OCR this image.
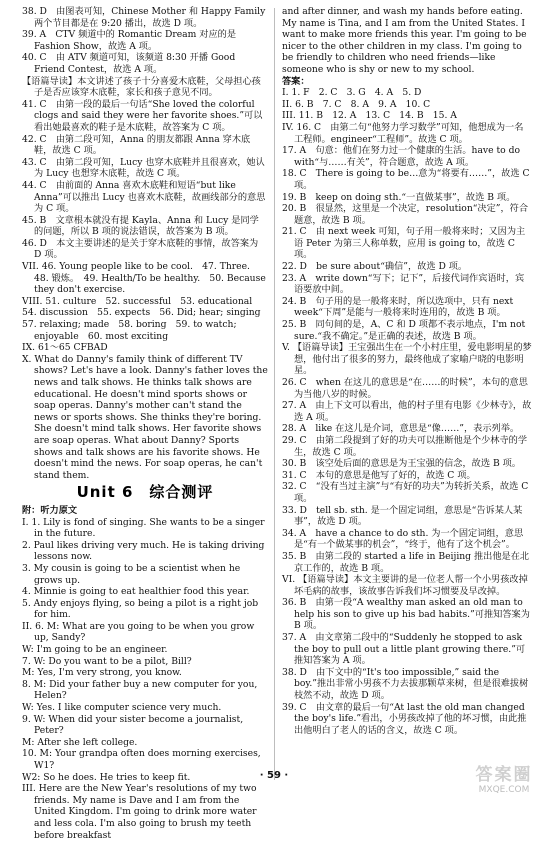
38. D　由图表可知，Chinese Mother 和 Happy Family 两个节目都是在 9:20 播出，故选 D 项。

39. A　CTV 频道中的 Romantic Dream 对应的是 Fashion Show，故选 A 项。

40. C　由 ATV 频道可知，该频道 8:30 开播 Good Friend Contest，故选 A 项。

【语篇导读】本文讲述了孩子十分喜爱木底鞋，父母担心孩子是否应该穿木底鞋，家长和孩子意见不同。

41. C　由第一段的最后一句话“She loved the colorful clogs and said they were her favorite shoes.”可以看出她最喜欢的鞋子是木底鞋，故答案为 C 项。

42. C　由第二段可知，Anna 的朋友都跟 Anna 穿木底鞋，故选 C 项。

43. C　由第二段可知，Lucy 也穿木底鞋并且很喜欢，她认为 Lucy 也想穿木底鞋，故选 C 项。

44. C　由前面的 Anna 喜欢木底鞋和短语“but like Anna”可以推出 Lucy 也喜欢木底鞋，故画线部分的意思为 C 项。

45. B　文章根本就没有提 Kayla、Anna 和 Lucy 是同学的问题，所以 B 项的说法错误，故答案为 B 项。

46. D　本文主要讲述的是关于穿木底鞋的事情，故答案为 D 项。

VII. 46. Young people like to be cool.　47. Three.　48. 锻炼。　49. Health/To be healthy.　50. Because they don't exercise.

VIII. 51. culture　52. successful　53. educational

54. discussion　55. expects　56. Did; hear; singing

57. relaxing; made　58. boring　59. to watch; enjoyable　60. most exciting

IX. 61～65 CFBAD

X. What do Danny's family think of different TV shows? Let's have a look. Danny's father loves the news and talk shows. He thinks talk shows are educational. He doesn't mind sports shows or soap operas. Danny's mother can't stand the news or sports shows. She thinks they're boring. She doesn't mind talk shows. Her favorite shows are soap operas. What about Danny? Sports shows and talk shows are his favorite shows. He doesn't mind the news. For soap operas, he can't stand them.

Unit 6　综合测评
附：听力原文

I. 1. Lily is fond of singing. She wants to be a singer in the future.

2. Paul likes driving very much. He is taking driving lessons now.

3. My cousin is going to be a scientist when he grows up.

4. Minnie is going to eat healthier food this year.

5. Andy enjoys flying, so being a pilot is a right job for him.

II. 6. M: What are you going to be when you grow up, Sandy?

W: I'm going to be an engineer.

7. W: Do you want to be a pilot, Bill?

M: Yes, I'm very strong, you know.

8. M: Did your father buy a new computer for you, Helen?

W: Yes. I like computer science very much.

9. W: When did your sister become a journalist, Peter?

M: After she left college.

10. M: Your grandpa often does morning exercises, W1?

W2: So he does. He tries to keep fit.

III. Here are the New Year's resolutions of my two friends. My name is Dave and I am from the United Kingdom. I'm going to drink more water and less cola. I'm also going to brush my teeth before breakfast

and after dinner, and wash my hands before eating. My name is Tina, and I am from the United States. I want to make more friends this year. I'm going to be nicer to the other children in my class. I'm going to be friendly to children who need friends—like someone who is shy or new to my school.

答案：

I. 1. F　2. C　3. G　4. A　5. D

II. 6. B　7. C　8. A　9. A　10. C

III. 11. B　12. A　13. C　14. B　15. A

IV. 16. C　由第二句“他努力学习数学”可知，他想成为一名工程师。engineer“工程师”。故选 C 项。

17. A　句意：他们在努力过一个健康的生活。have to do with“与……有关”，符合题意，故选 A 项。

18. C　There is going to be…意为“将要有……”，故选 C 项。

19. B　keep on doing sth.“一直做某事”，故选 B 项。

20. B　很显然，这里是一个决定，resolution“决定”，符合题意，故选 B 项。

21. C　由 next week 可知，句子用一般将来时；又因为主语 Peter 为第三人称单数，应用 is going to，故选 C 项。

22. D　be sure about“确信”，故选 D 项。

23. A　write down“写下；记下”，后接代词作宾语时，宾语要放中间。

24. B　句子用的是一般将来时，所以选项中，只有 next week“下周”是能与一般将来时连用的，故选 B 项。

25. B　同句间的是，A、C 和 D 项都不表示地点，I'm not sure.“我不确定。”是正确的表述，故选 B 项。

V. 【语篇导读】王宝强出生在一个小村庄里，爱电影明星的梦想，他付出了很多的努力，最终他成了家喻户晓的电影明星。

26. C　when 在这儿的意思是“在……的时候”，本句的意思为当他八岁的时候。

27. A　由上下文可以看出，他的村子里有电影《少林寺》，故选 A 项。

28. A　like 在这儿是介词，意思是“像……”，表示列举。

29. C　由第二段提到了好的功夫可以推断他是个少林寺的学生，故选 C 项。

30. B　该空处后面的意思是为王宝强的信念，故选 B 项。

31. C　本句的意思是他写了好的，故选 C 项。

32. C　“没有当过主演”与“有好的功夫”为转折关系，故选 C 项。

33. D　tell sb. sth. 是一个固定词组，意思是“告诉某人某事”，故选 D 项。

34. A　have a chance to do sth. 为一个固定词组，意思是“有一个做某事的机会”，“终于，他有了这个机会”。

35. B　由第二段的 started a life in Beijing 推出他是在北京工作的，故选 B 项。

VI. 【语篇导读】本文主要讲的是一位老人帮一个小男孩改掉坏毛病的故事，该故事告诉我们坏习惯要及早改掉。

36. B　由第一段“A wealthy man asked an old man to help his son to give up his bad habits.”可推知答案为 B 项。

37. A　由文章第二段中的“Suddenly he stopped to ask the boy to pull out a little plant growing there.”可推知答案为 A 项。

38. D　由下文中的“It's too impossible,” said the boy.”推出非常小男孩不力去拔那颗草来树，但是很难拔树枝然不动，故选 D 项。

39. C　由文章的最后一句“At last the old man changed the boy's life.”看出，小男孩改掉了他的坏习惯，由此推出他明白了老人的话的含义，故选 C 项。

· 59 ·	答案圈
MXQE.COM
